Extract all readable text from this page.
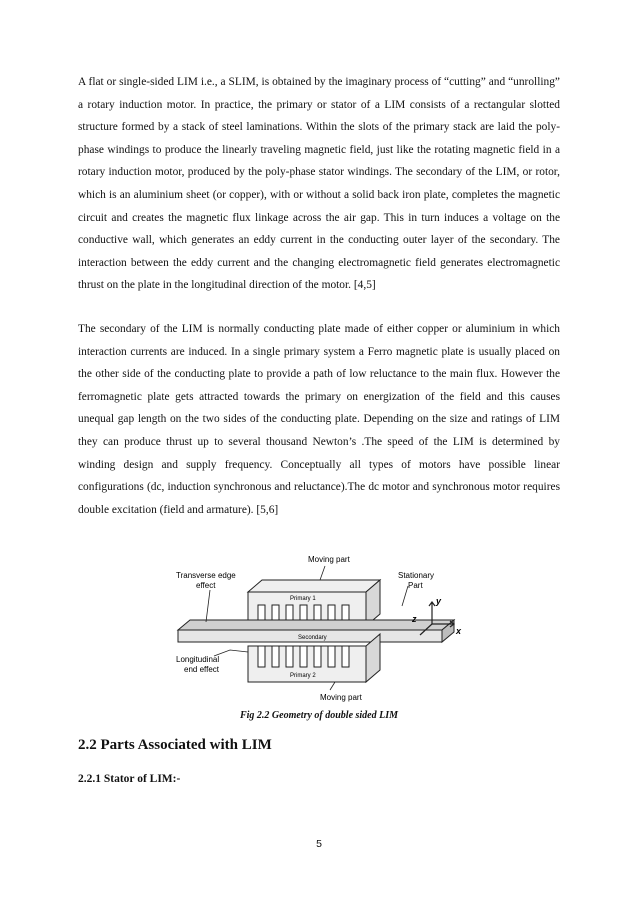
A flat or single-sided LIM i.e., a SLIM, is obtained by the imaginary process of “cutting” and “unrolling” a rotary induction motor. In practice, the primary or stator of a LIM consists of a rectangular slotted structure formed by a stack of steel laminations. Within the slots of the primary stack are laid the poly-phase windings to produce the linearly traveling magnetic field, just like the rotating magnetic field in a rotary induction motor, produced by the poly-phase stator windings. The secondary of the LIM, or rotor, which is an aluminium sheet (or copper), with or without a solid back iron plate, completes the magnetic circuit and creates the magnetic flux linkage across the air gap. This in turn induces a voltage on the conductive wall, which generates an eddy current in the conducting outer layer of the secondary. The interaction between the eddy current and the changing electromagnetic field generates electromagnetic thrust on the plate in the longitudinal direction of the motor. [4,5]

The secondary of the LIM is normally conducting plate made of either copper or aluminium in which interaction currents are induced. In a single primary system a Ferro magnetic plate is usually placed on the other side of the conducting plate to provide a path of low reluctance to the main flux. However the ferromagnetic plate gets attracted towards the primary on energization of the field and this causes unequal gap length on the two sides of the conducting plate. Depending on the size and ratings of LIM they can produce thrust up to several thousand Newton’s .The speed of the LIM is determined by winding design and supply frequency. Conceptually all types of motors have possible linear configurations (dc, induction synchronous and reluctance).The dc motor and synchronous motor requires double excitation (field and armature). [5,6]

Moving part
Transverse edge
effect
Stationary
Part
Primary 1
Secondary
Primary 2
Longitudinal
end effect
Moving part
x
y
z
Fig 2.2 Geometry of double sided LIM
2.2 Parts Associated with LIM
2.2.1 Stator of LIM:-
5
